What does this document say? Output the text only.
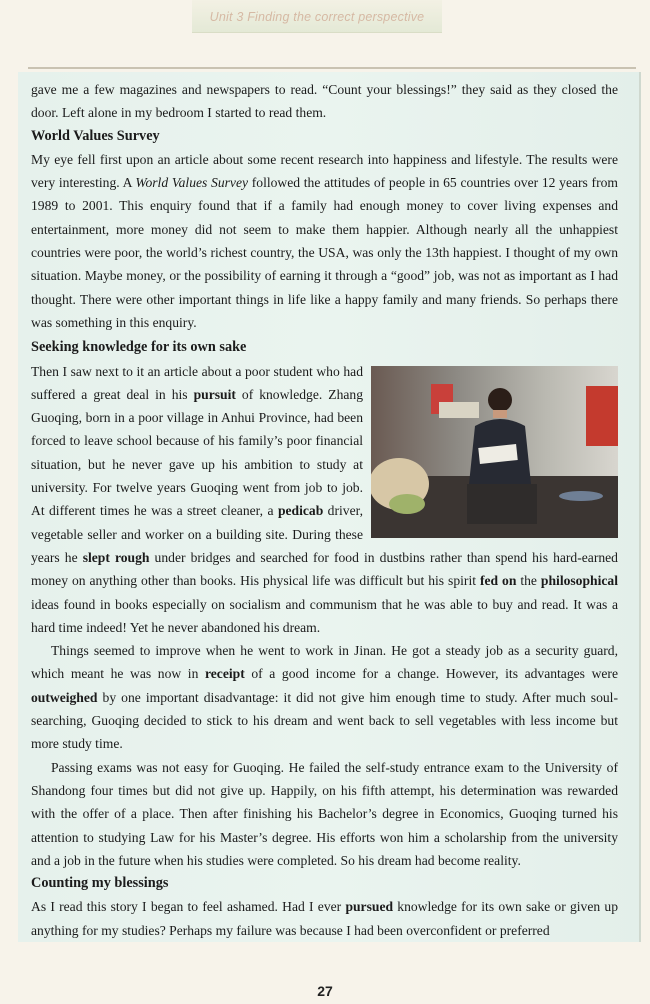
Unit 3 Finding the correct perspective

gave me a few magazines and newspapers to read. “Count your blessings!” they said as they closed the door. Left alone in my bedroom I started to read them.

World Values Survey

My eye fell first upon an article about some recent research into happiness and lifestyle. The results were very interesting. A World Values Survey followed the attitudes of people in 65 countries over 12 years from 1989 to 2001. This enquiry found that if a family had enough money to cover living expenses and entertainment, more money did not seem to make them happier. Although nearly all the unhappiest countries were poor, the world’s richest country, the USA, was only the 13th happiest. I thought of my own situation. Maybe money, or the possibility of earning it through a “good” job, was not as important as I had thought. There were other important things in life like a happy family and many friends. So perhaps there was something in this enquiry.

Seeking knowledge for its own sake

Then I saw next to it an article about a poor student who had suffered a great deal in his pursuit of knowledge. Zhang Guoqing, born in a poor village in Anhui Province, had been forced to leave school because of his family’s poor financial situation, but he never gave up his ambition to study at university. For twelve years Guoqing went from job to job. At different times he was a street cleaner, a pedicab driver, vegetable seller and worker on a building site. During these years he slept rough under bridges and searched for food in dustbins rather than spend his hard-earned money on anything other than books. His physical life was difficult but his spirit fed on the philosophical ideas found in books especially on socialism and communism that he was able to buy and read. It was a hard time indeed! Yet he never abandoned his dream.

Things seemed to improve when he went to work in Jinan. He got a steady job as a security guard, which meant he was now in receipt of a good income for a change. However, its advantages were outweighed by one important disadvantage: it did not give him enough time to study. After much soul-searching, Guoqing decided to stick to his dream and went back to sell vegetables with less income but more study time.

Passing exams was not easy for Guoqing. He failed the self-study entrance exam to the University of Shandong four times but did not give up. Happily, on his fifth attempt, his determination was rewarded with the offer of a place. Then after finishing his Bachelor’s degree in Economics, Guoqing turned his attention to studying Law for his Master’s degree. His efforts won him a scholarship from the university and a job in the future when his studies were completed. So his dream had become reality.

Counting my blessings

As I read this story I began to feel ashamed. Had I ever pursued knowledge for its own sake or given up anything for my studies? Perhaps my failure was because I had been overconfident or preferred

27
